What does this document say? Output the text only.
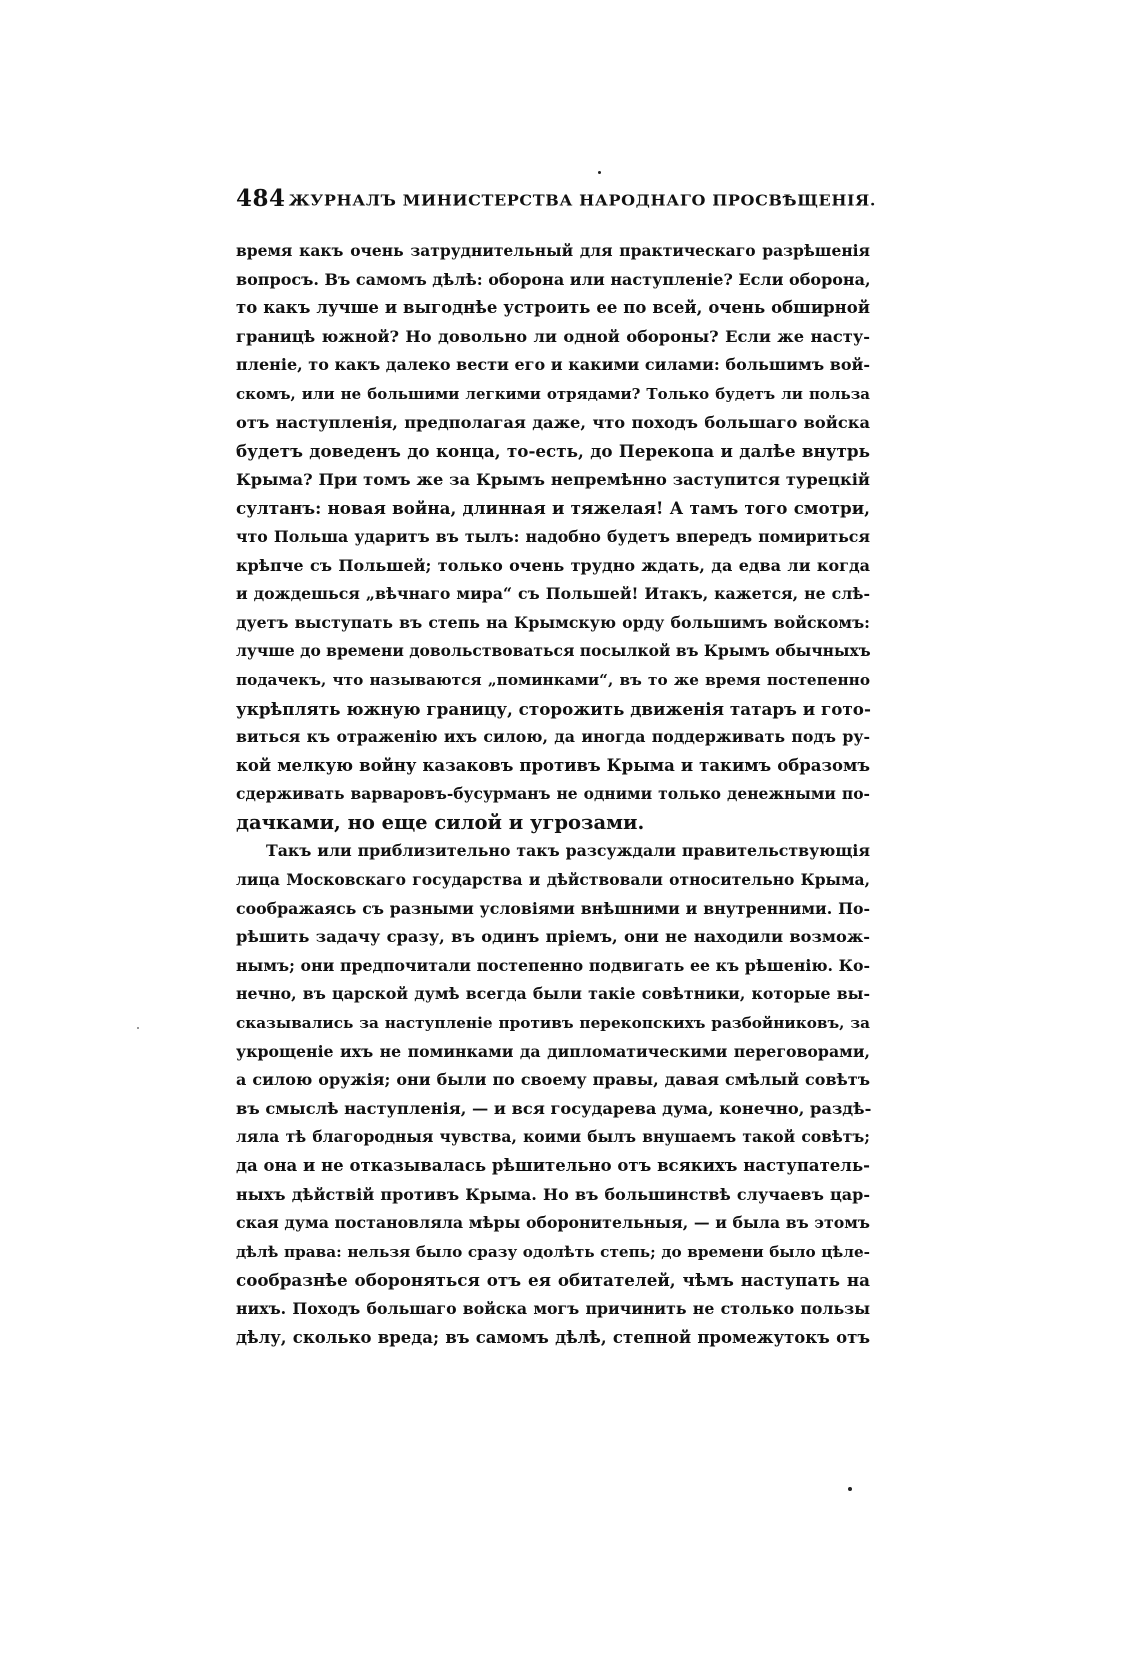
484 ЖУРНАЛЪ МИНИСТЕРСТВА НАРОДНАГО ПРОСВѢЩЕНІЯ.
время какъ очень затруднительный для практическаго разрѣшенія
вопросъ. Въ самомъ дѣлѣ: оборона или наступленіе? Если оборона,
то какъ лучше и выгоднѣе устроить ее по всей, очень обширной
границѣ южной? Но довольно ли одной обороны? Если же насту-
пленіе, то какъ далеко вести его и какими силами: большимъ вой-
скомъ, или не большими легкими отрядами? Только будетъ ли польза
отъ наступленія, предполагая даже, что походъ большаго войска
будетъ доведенъ до конца, то-есть, до Перекопа и далѣе внутрь
Крыма? При томъ же за Крымъ непремѣнно заступится турецкій
султанъ: новая война, длинная и тяжелая! А тамъ того смотри,
что Польша ударитъ въ тылъ: надобно будетъ впередъ помириться
крѣпче съ Польшей; только очень трудно ждать, да едва ли когда
и дождешься „вѣчнаго мира“ съ Польшей! Итакъ, кажется, не слѣ-
дуетъ выступать въ степь на Крымскую орду большимъ войскомъ:
лучше до времени довольствоваться посылкой въ Крымъ обычныхъ
подачекъ, что называются „поминками“, въ то же время постепенно
укрѣплять южную границу, сторожить движенія татаръ и гото-
виться къ отраженію ихъ силою, да иногда поддерживать подъ ру-
кой мелкую войну казаковъ противъ Крыма и такимъ образомъ
сдерживать варваровъ-бусурманъ не одними только денежными по-
дачками, но еще силой и угрозами.
Такъ или приблизительно такъ разсуждали правительствующія
лица Московскаго государства и дѣйствовали относительно Крыма,
соображаясь съ разными условіями внѣшними и внутренними. По-
рѣшить задачу сразу, въ одинъ пріемъ, они не находили возмож-
нымъ; они предпочитали постепенно подвигать ее къ рѣшенію. Ко-
нечно, въ царской думѣ всегда были такіе совѣтники, которые вы-
сказывались за наступленіе противъ перекопскихъ разбойниковъ, за
укрощеніе ихъ не поминками да дипломатическими переговорами,
а силою оружія; они были по своему правы, давая смѣлый совѣтъ
въ смыслѣ наступленія, — и вся государева дума, конечно, раздѣ-
ляла тѣ благородныя чувства, коими былъ внушаемъ такой совѣтъ;
да она и не отказывалась рѣшительно отъ всякихъ наступатель-
ныхъ дѣйствій противъ Крыма. Но въ большинствѣ случаевъ цар-
ская дума постановляла мѣры оборонительныя, — и была въ этомъ
дѣлѣ права: нельзя было сразу одолѣть степь; до времени было цѣле-
сообразнѣе обороняться отъ ея обитателей, чѣмъ наступать на
нихъ. Походъ большаго войска могъ причинить не столько пользы
дѣлу, сколько вреда; въ самомъ дѣлѣ, степной промежутокъ отъ
